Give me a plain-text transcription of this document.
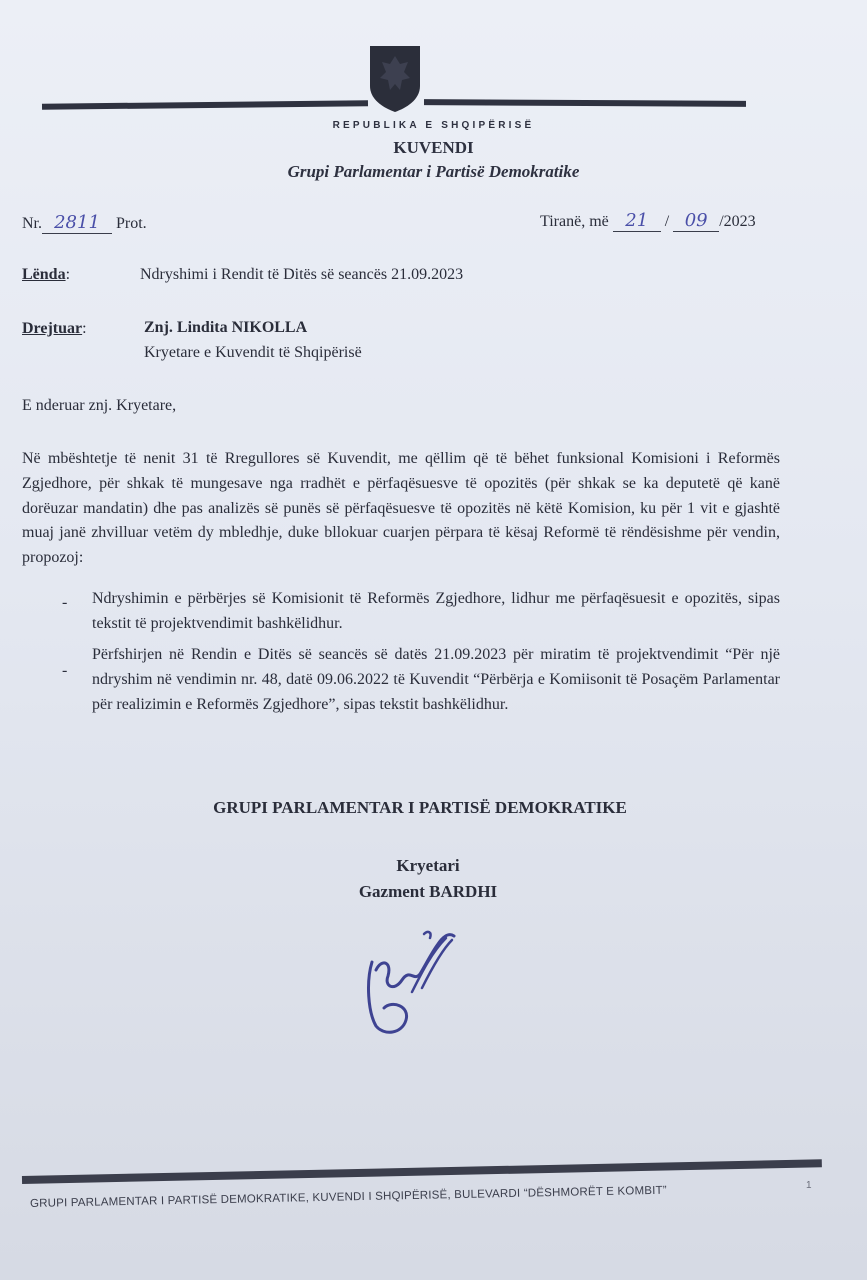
REPUBLIKA E SHQIPËRISË
KUVENDI
Grupi Parlamentar i Partisë Demokratike
Nr. 2811 Prot.	Tiranë, më 21 / 09 /2023
Lënda:	Ndryshimi i Rendit të Ditës së seancës 21.09.2023
Drejtuar:	Znj. Lindita NIKOLLA
Kryetare e Kuvendit të Shqipërisë
E nderuar znj. Kryetare,
Në mbështetje të nenit 31 të Rregullores së Kuvendit, me qëllim që të bëhet funksional Komisioni i Reformës Zgjedhore, për shkak të mungesave nga rradhët e përfaqësuesve të opozitës (për shkak se ka deputetë që kanë dorëuzar mandatin) dhe pas analizës së punës së përfaqësuesve të opozitës në këtë Komision, ku për 1 vit e gjashtë muaj janë zhvilluar vetëm dy mbledhje, duke bllokuar cuarjen përpara të kësaj Reformë të rëndësishme për vendin, propozoj:
- Ndryshimin e përbërjes së Komisionit të Reformës Zgjedhore, lidhur me përfaqësuesit e opozitës, sipas tekstit të projektvendimit bashkëlidhur.
-
Përfshirjen në Rendin e Ditës së seancës së datës 21.09.2023 për miratim të projektvendimit “Për një ndryshim në vendimin nr. 48, datë 09.06.2022 të Kuvendit “Përbërja e Komiisonit të Posaçëm Parlamentar për realizimin e Reformës Zgjedhore”, sipas tekstit bashkëlidhur.
GRUPI PARLAMENTAR I PARTISË DEMOKRATIKE
Kryetari
Gazment BARDHI
1
GRUPI PARLAMENTAR I PARTISË DEMOKRATIKE, KUVENDI I SHQIPËRISË, BULEVARDI “DËSHMORËT E KOMBIT”
